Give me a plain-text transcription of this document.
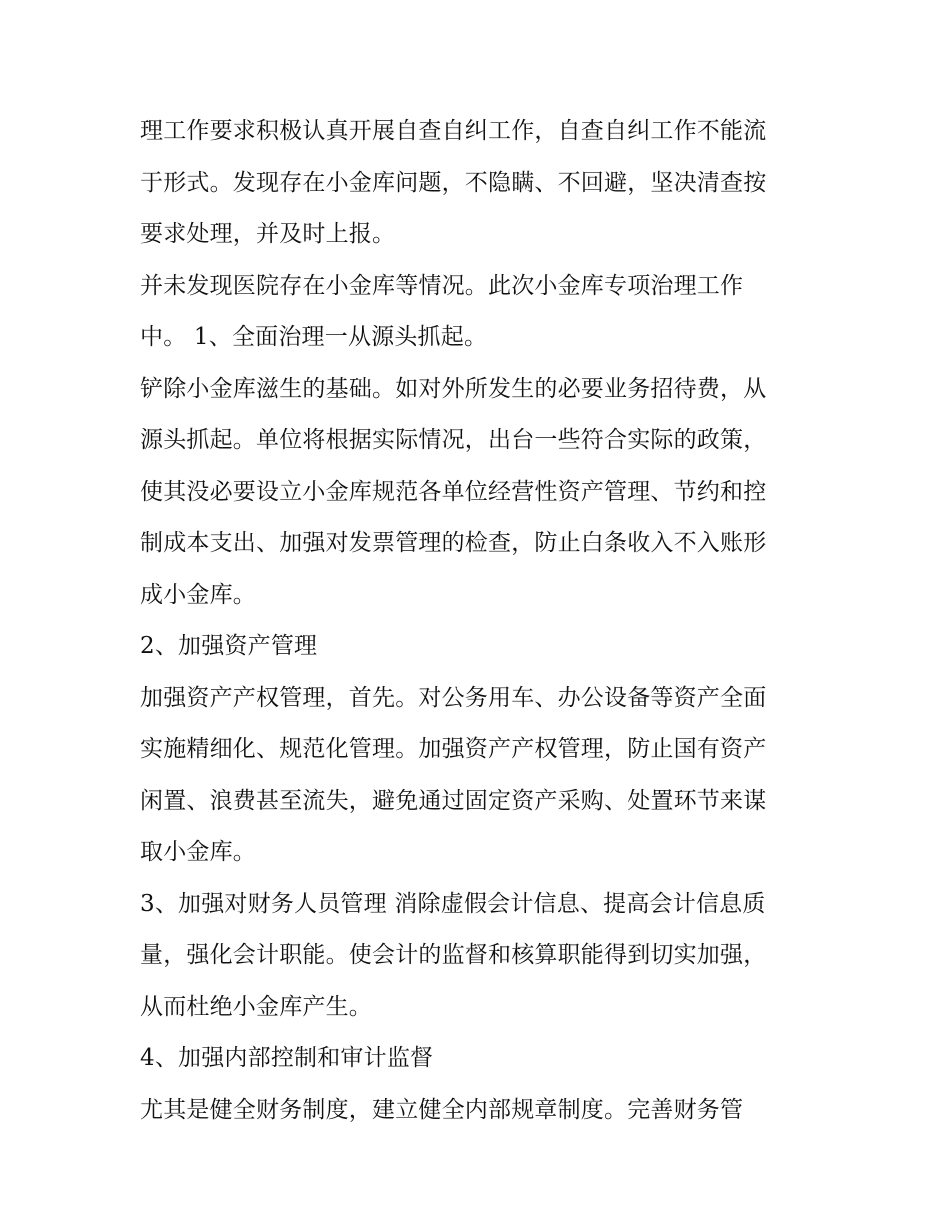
理工作要求积极认真开展自查自纠工作，自查自纠工作不能流
于形式。发现存在小金库问题，不隐瞒、不回避，坚决清查按
要求处理，并及时上报。
并未发现医院存在小金库等情况。此次小金库专项治理工作
中。 1、全面治理一从源头抓起。
铲除小金库滋生的基础。如对外所发生的必要业务招待费，从
源头抓起。单位将根据实际情况，出台一些符合实际的政策，
使其没必要设立小金库规范各单位经营性资产管理、节约和控
制成本支出、加强对发票管理的检查，防止白条收入不入账形
成小金库。
2、加强资产管理
加强资产产权管理，首先。对公务用车、办公设备等资产全面
实施精细化、规范化管理。加强资产产权管理，防止国有资产
闲置、浪费甚至流失，避免通过固定资产采购、处置环节来谋
取小金库。
3、加强对财务人员管理 消除虚假会计信息、提高会计信息质
量，强化会计职能。使会计的监督和核算职能得到切实加强，
从而杜绝小金库产生。
4、加强内部控制和审计监督
尤其是健全财务制度，建立健全内部规章制度。完善财务管
